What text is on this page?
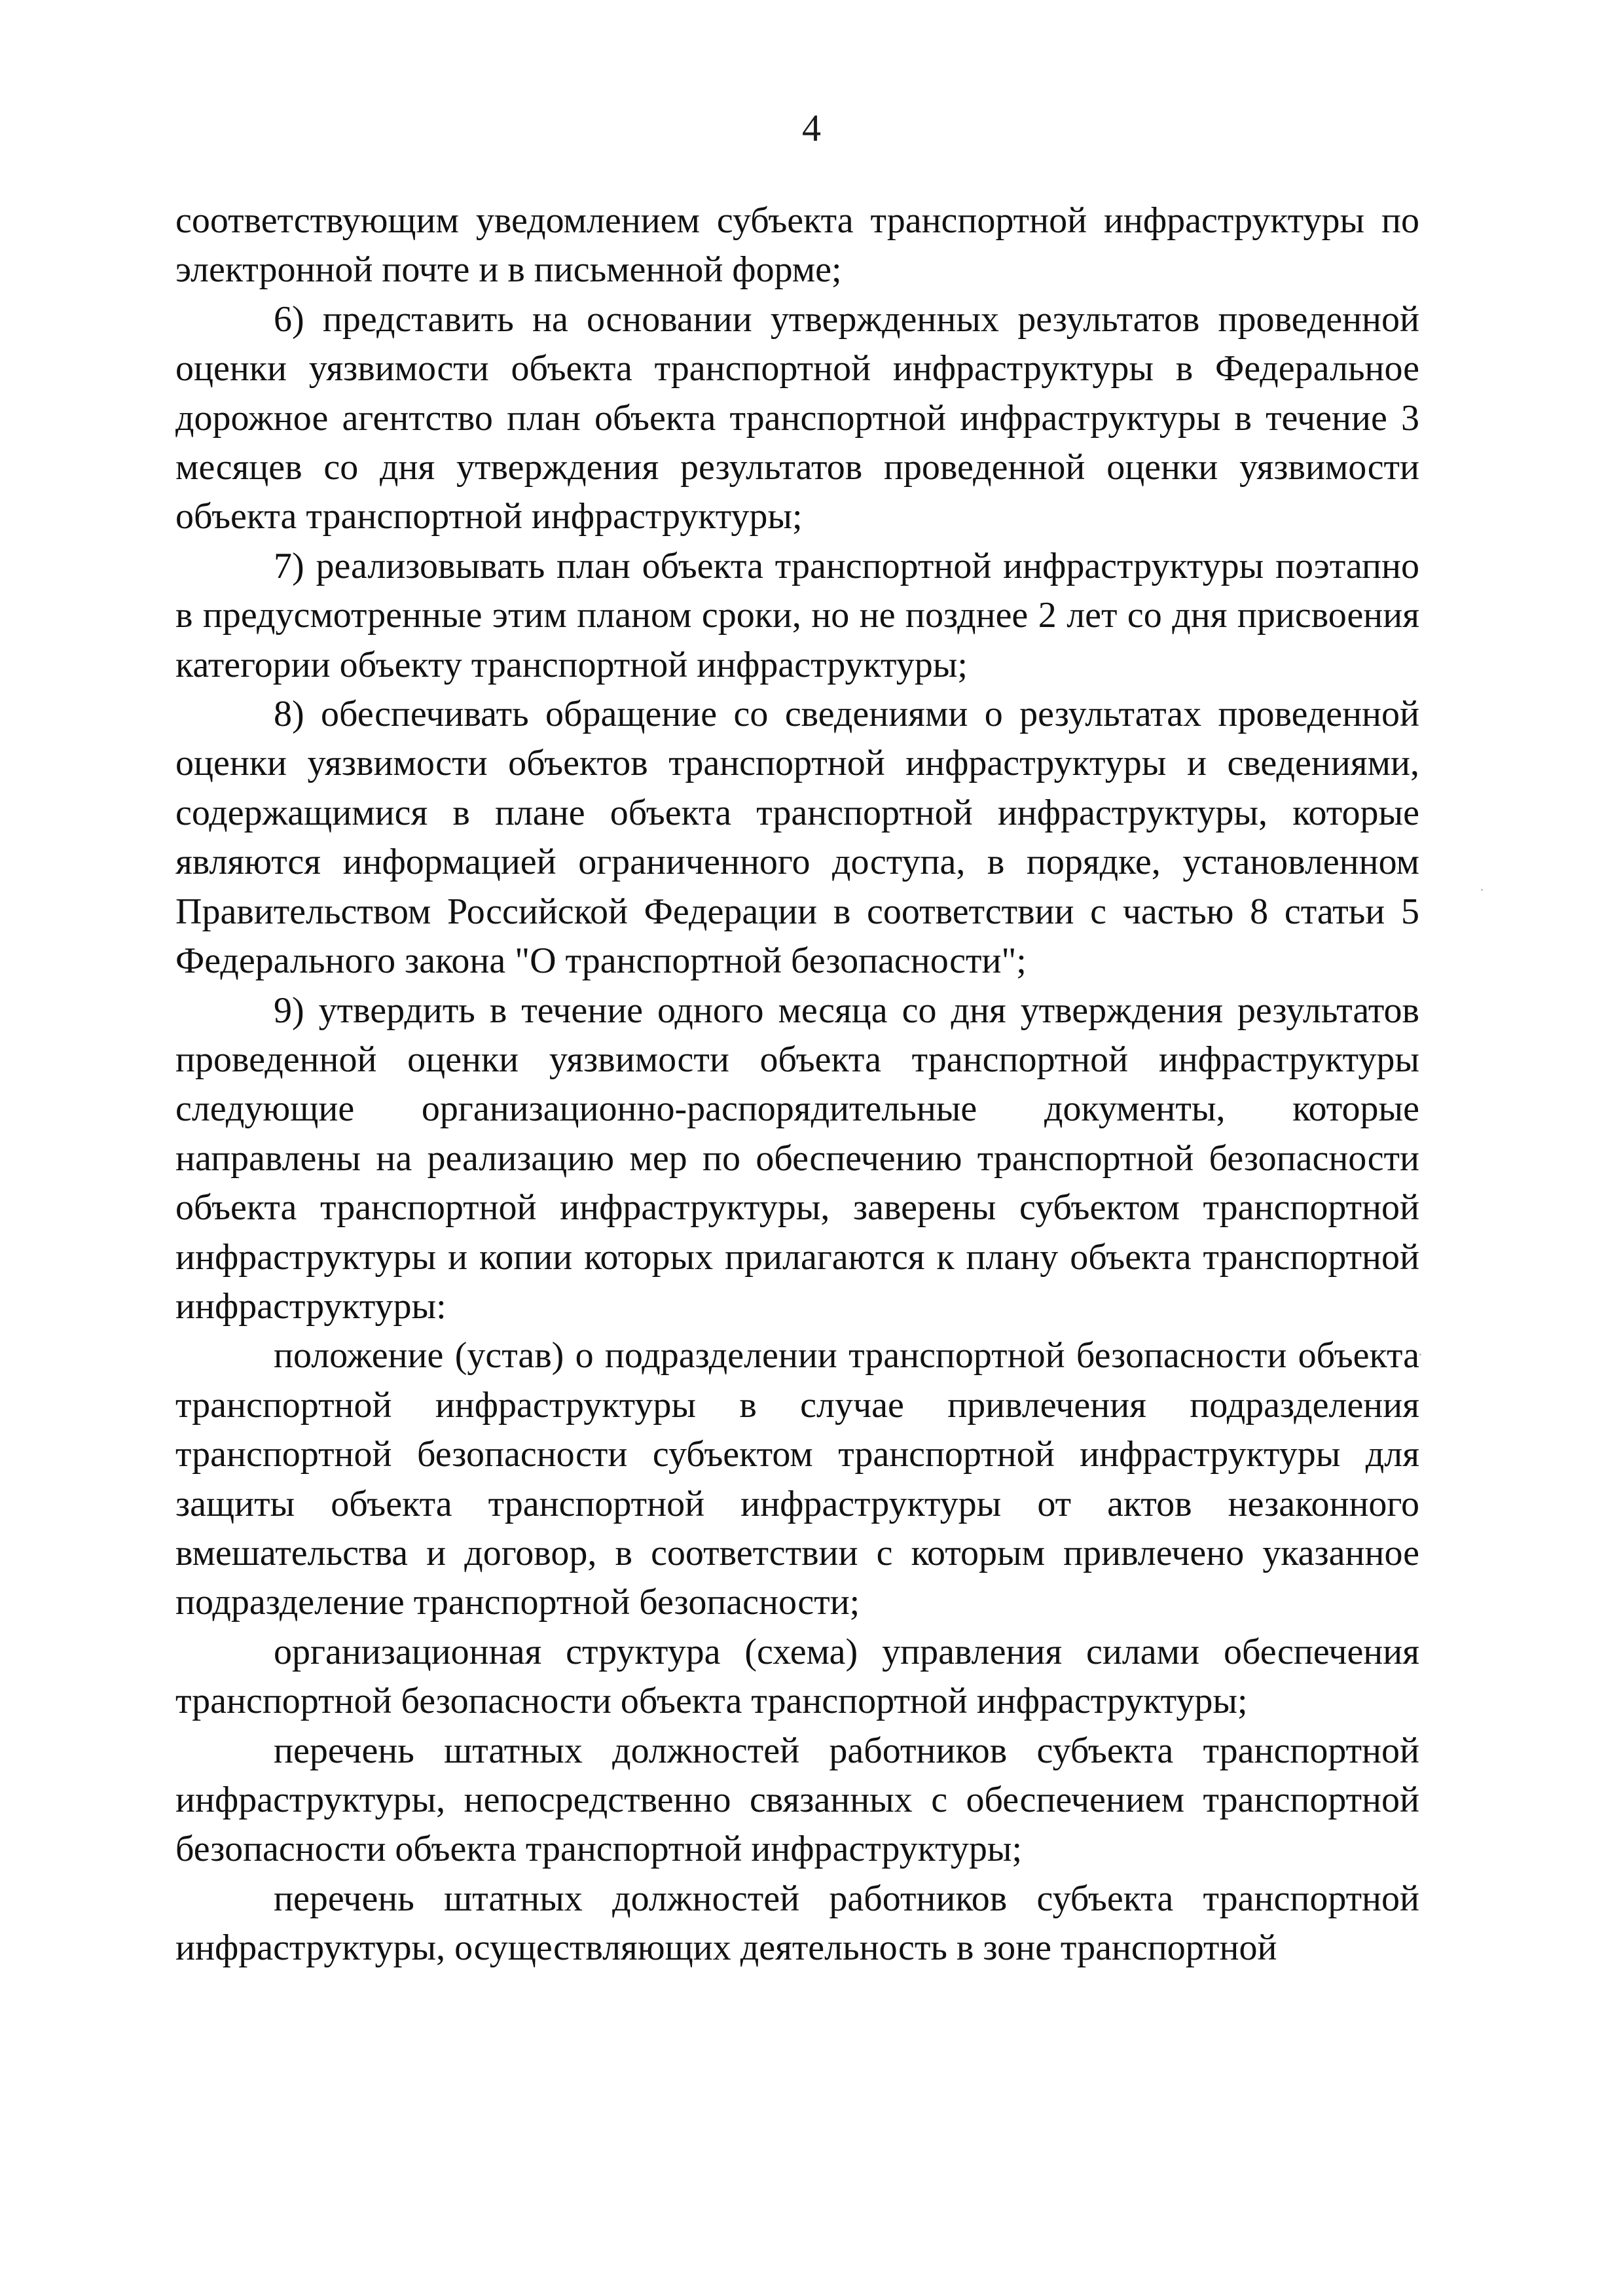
4

соответствующим уведомлением субъекта транспортной инфраструктуры по электронной почте и в письменной форме;

6) представить на основании утвержденных результатов проведенной оценки уязвимости объекта транспортной инфраструктуры в Федеральное дорожное агентство план объекта транспортной инфраструктуры в течение 3 месяцев со дня утверждения результатов проведенной оценки уязвимости объекта транспортной инфраструктуры;

7) реализовывать план объекта транспортной инфраструктуры поэтапно в предусмотренные этим планом сроки, но не позднее 2 лет со дня присвоения категории объекту транспортной инфраструктуры;

8) обеспечивать обращение со сведениями о результатах проведенной оценки уязвимости объектов транспортной инфраструктуры и сведениями, содержащимися в плане объекта транспортной инфраструктуры, которые являются информацией ограниченного доступа, в порядке, установленном Правительством Российской Федерации в соответствии с частью 8 статьи 5 Федерального закона "О транспортной безопасности";

9) утвердить в течение одного месяца со дня утверждения результатов проведенной оценки уязвимости объекта транспортной инфраструктуры следующие организационно-распорядительные документы, которые направлены на реализацию мер по обеспечению транспортной безопасности объекта транспортной инфраструктуры, заверены субъектом транспортной инфраструктуры и копии которых прилагаются к плану объекта транспортной инфраструктуры:

положение (устав) о подразделении транспортной безопасности объекта транспортной инфраструктуры в случае привлечения подразделения транспортной безопасности субъектом транспортной инфраструктуры для защиты объекта транспортной инфраструктуры от актов незаконного вмешательства и договор, в соответствии с которым привлечено указанное подразделение транспортной безопасности;

организационная структура (схема) управления силами обеспечения транспортной безопасности объекта транспортной инфраструктуры;

перечень штатных должностей работников субъекта транспортной инфраструктуры, непосредственно связанных с обеспечением транспортной безопасности объекта транспортной инфраструктуры;

перечень штатных должностей работников субъекта транспортной инфраструктуры, осуществляющих деятельность в зоне транспортной
